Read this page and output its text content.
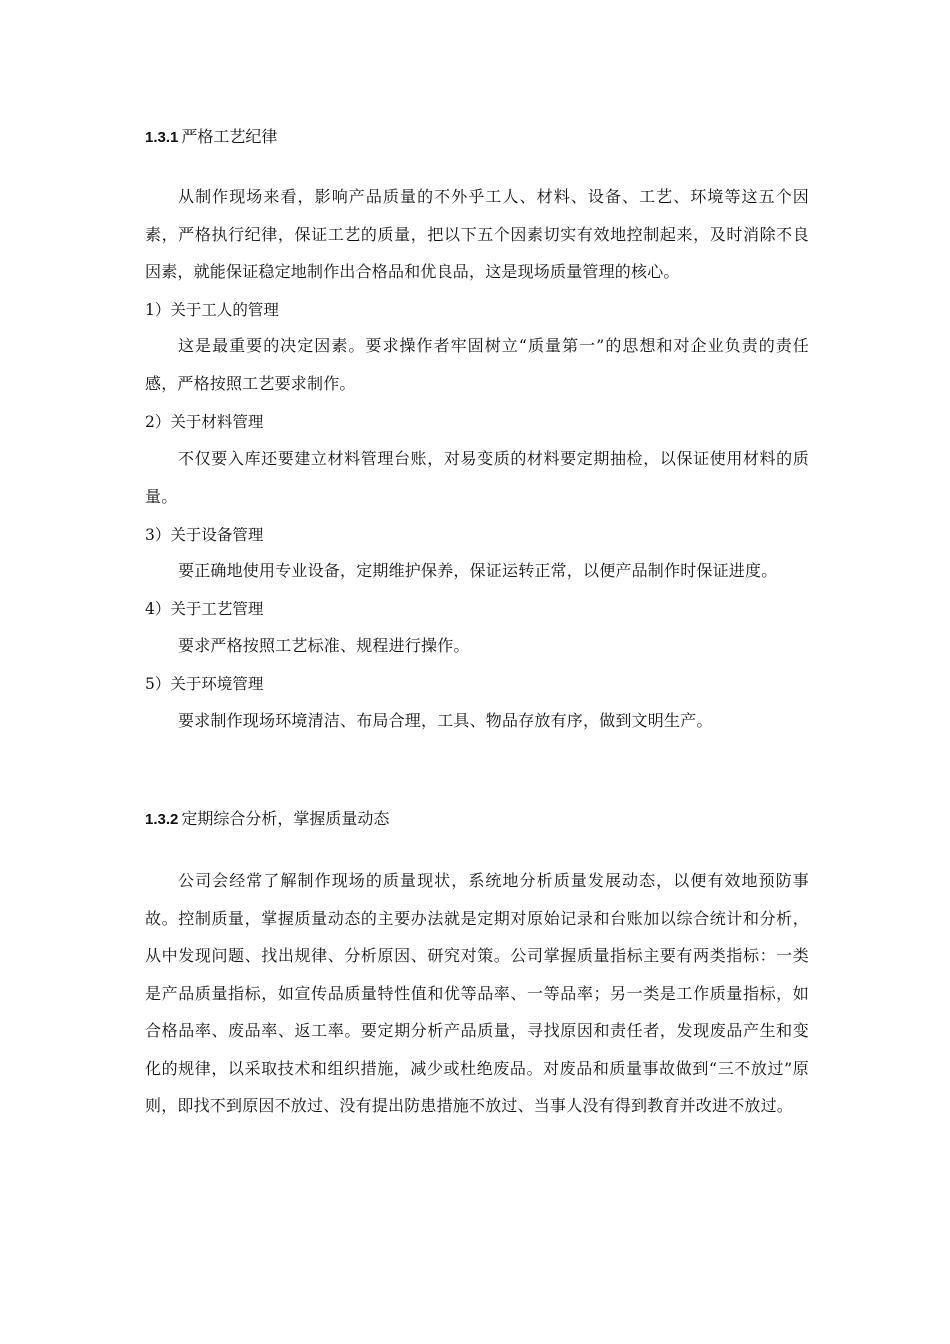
1.3.1 严格工艺纪律
从制作现场来看，影响产品质量的不外乎工人、材料、设备、工艺、环境等这五个因素，严格执行纪律，保证工艺的质量，把以下五个因素切实有效地控制起来，及时消除不良因素，就能保证稳定地制作出合格品和优良品，这是现场质量管理的核心。
1）关于工人的管理
这是最重要的决定因素。要求操作者牢固树立“质量第一”的思想和对企业负责的责任感，严格按照工艺要求制作。
2）关于材料管理
不仅要入库还要建立材料管理台账，对易变质的材料要定期抽检，以保证使用材料的质量。
3）关于设备管理
要正确地使用专业设备，定期维护保养，保证运转正常，以便产品制作时保证进度。
4）关于工艺管理
要求严格按照工艺标准、规程进行操作。
5）关于环境管理
要求制作现场环境清洁、布局合理，工具、物品存放有序，做到文明生产。
1.3.2 定期综合分析，掌握质量动态
公司会经常了解制作现场的质量现状，系统地分析质量发展动态，以便有效地预防事故。控制质量，掌握质量动态的主要办法就是定期对原始记录和台账加以综合统计和分析，从中发现问题、找出规律、分析原因、研究对策。公司掌握质量指标主要有两类指标：一类是产品质量指标，如宣传品质量特性值和优等品率、一等品率；另一类是工作质量指标，如合格品率、废品率、返工率。要定期分析产品质量，寻找原因和责任者，发现废品产生和变化的规律，以采取技术和组织措施，减少或杜绝废品。对废品和质量事故做到“三不放过”原则，即找不到原因不放过、没有提出防患措施不放过、当事人没有得到教育并改进不放过。
